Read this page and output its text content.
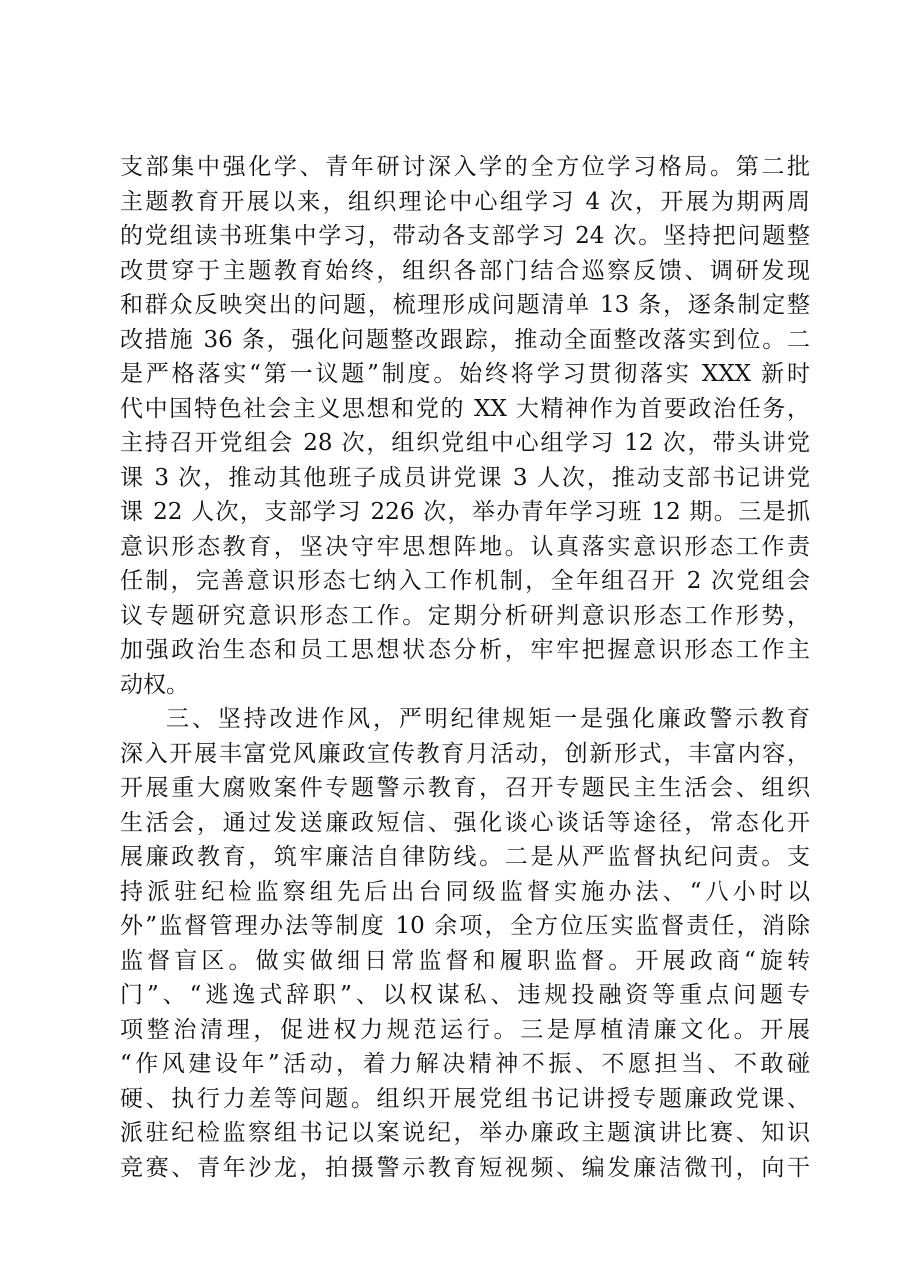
支部集中强化学、青年研讨深入学的全方位学习格局。第二批
主题教育开展以来，组织理论中心组学习 4 次，开展为期两周
的党组读书班集中学习，带动各支部学习 24 次。坚持把问题整
改贯穿于主题教育始终，组织各部门结合巡察反馈、调研发现
和群众反映突出的问题，梳理形成问题清单 13 条，逐条制定整
改措施 36 条，强化问题整改跟踪，推动全面整改落实到位。二
是严格落实“第一议题”制度。始终将学习贯彻落实 XXX 新时
代中国特色社会主义思想和党的 XX 大精神作为首要政治任务，
主持召开党组会 28 次，组织党组中心组学习 12 次，带头讲党
课 3 次，推动其他班子成员讲党课 3 人次，推动支部书记讲党
课 22 人次，支部学习 226 次，举办青年学习班 12 期。三是抓
意识形态教育，坚决守牢思想阵地。认真落实意识形态工作责
任制，完善意识形态七纳入工作机制，全年组召开 2 次党组会
议专题研究意识形态工作。定期分析研判意识形态工作形势，
加强政治生态和员工思想状态分析，牢牢把握意识形态工作主
动权。
三、坚持改进作风，严明纪律规矩一是强化廉政警示教育
深入开展丰富党风廉政宣传教育月活动，创新形式，丰富内容，
开展重大腐败案件专题警示教育，召开专题民主生活会、组织
生活会，通过发送廉政短信、强化谈心谈话等途径，常态化开
展廉政教育，筑牢廉洁自律防线。二是从严监督执纪问责。支
持派驻纪检监察组先后出台同级监督实施办法、“八小时以
外”监督管理办法等制度 10 余项，全方位压实监督责任，消除
监督盲区。做实做细日常监督和履职监督。开展政商“旋转
门”、“逃逸式辞职”、以权谋私、违规投融资等重点问题专
项整治清理，促进权力规范运行。三是厚植清廉文化。开展
“作风建设年”活动，着力解决精神不振、不愿担当、不敢碰
硬、执行力差等问题。组织开展党组书记讲授专题廉政党课、
派驻纪检监察组书记以案说纪，举办廉政主题演讲比赛、知识
竞赛、青年沙龙，拍摄警示教育短视频、编发廉洁微刊，向干
